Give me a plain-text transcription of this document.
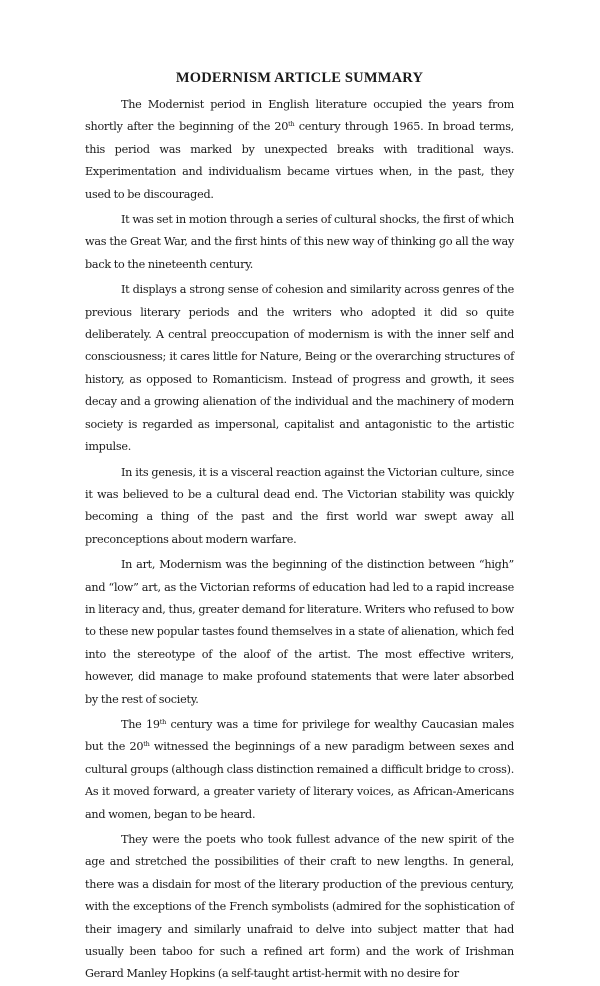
MODERNISM ARTICLE SUMMARY

The Modernist period in English literature occupied the years from shortly after the beginning of the 20th century through 1965. In broad terms, this period was marked by unexpected breaks with traditional ways. Experimentation and individualism became virtues when, in the past, they used to be discouraged.

It was set in motion through a series of cultural shocks, the first of which was the Great War, and the first hints of this new way of thinking go all the way back to the nineteenth century.

It displays a strong sense of cohesion and similarity across genres of the previous literary periods and the writers who adopted it did so quite deliberately. A central preoccupation of modernism is with the inner self and consciousness; it cares little for Nature, Being or the overarching structures of history, as opposed to Romanticism. Instead of progress and growth, it sees decay and a growing alienation of the individual and the machinery of modern society is regarded as impersonal, capitalist and antagonistic to the artistic impulse.

In its genesis, it is a visceral reaction against the Victorian culture, since it was believed to be a cultural dead end. The Victorian stability was quickly becoming a thing of the past and the first world war swept away all preconceptions about modern warfare.

In art, Modernism was the beginning of the distinction between “high” and “low” art, as the Victorian reforms of education had led to a rapid increase in literacy and, thus, greater demand for literature. Writers who refused to bow to these new popular tastes found themselves in a state of alienation, which fed into the stereotype of the aloof of the artist. The most effective writers, however, did manage to make profound statements that were later absorbed by the rest of society.

The 19th century was a time for privilege for wealthy Caucasian males but the 20th witnessed the beginnings of a new paradigm between sexes and cultural groups (although class distinction remained a difficult bridge to cross). As it moved forward, a greater variety of literary voices, as African-Americans and women, began to be heard.

They were the poets who took fullest advance of the new spirit of the age and stretched the possibilities of their craft to new lengths. In general, there was a disdain for most of the literary production of the previous century, with the exceptions of the French symbolists (admired for the sophistication of their imagery and similarly unafraid to delve into subject matter that had usually been taboo for such a refined art form) and the work of Irishman Gerard Manley Hopkins (a self-taught artist-hermit with no desire for
